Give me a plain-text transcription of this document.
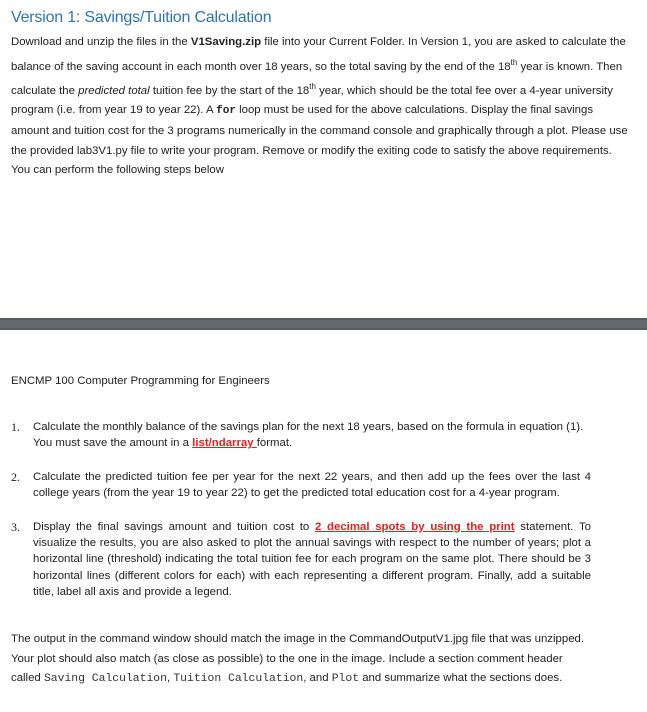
Version 1: Savings/Tuition Calculation
Download and unzip the files in the V1Saving.zip file into your Current Folder. In Version 1, you are asked to calculate the balance of the saving account in each month over 18 years, so the total saving by the end of the 18th year is known. Then calculate the predicted total tuition fee by the start of the 18th year, which should be the total fee over a 4-year university program (i.e. from year 19 to year 22). A for loop must be used for the above calculations. Display the final savings amount and tuition cost for the 3 programs numerically in the command console and graphically through a plot. Please use the provided lab3V1.py file to write your program. Remove or modify the exiting code to satisfy the above requirements. You can perform the following steps below
ENCMP 100 Computer Programming for Engineers
1. Calculate the monthly balance of the savings plan for the next 18 years, based on the formula in equation (1). You must save the amount in a list/ndarray format.
2. Calculate the predicted tuition fee per year for the next 22 years, and then add up the fees over the last 4 college years (from the year 19 to year 22) to get the predicted total education cost for a 4-year program.
3. Display the final savings amount and tuition cost to 2 decimal spots by using the print statement. To visualize the results, you are also asked to plot the annual savings with respect to the number of years; plot a horizontal line (threshold) indicating the total tuition fee for each program on the same plot. There should be 3 horizontal lines (different colors for each) with each representing a different program. Finally, add a suitable title, label all axis and provide a legend.
The output in the command window should match the image in the CommandOutputV1.jpg file that was unzipped. Your plot should also match (as close as possible) to the one in the image. Include a section comment header called Saving Calculation, Tuition Calculation, and Plot and summarize what the sections does.
